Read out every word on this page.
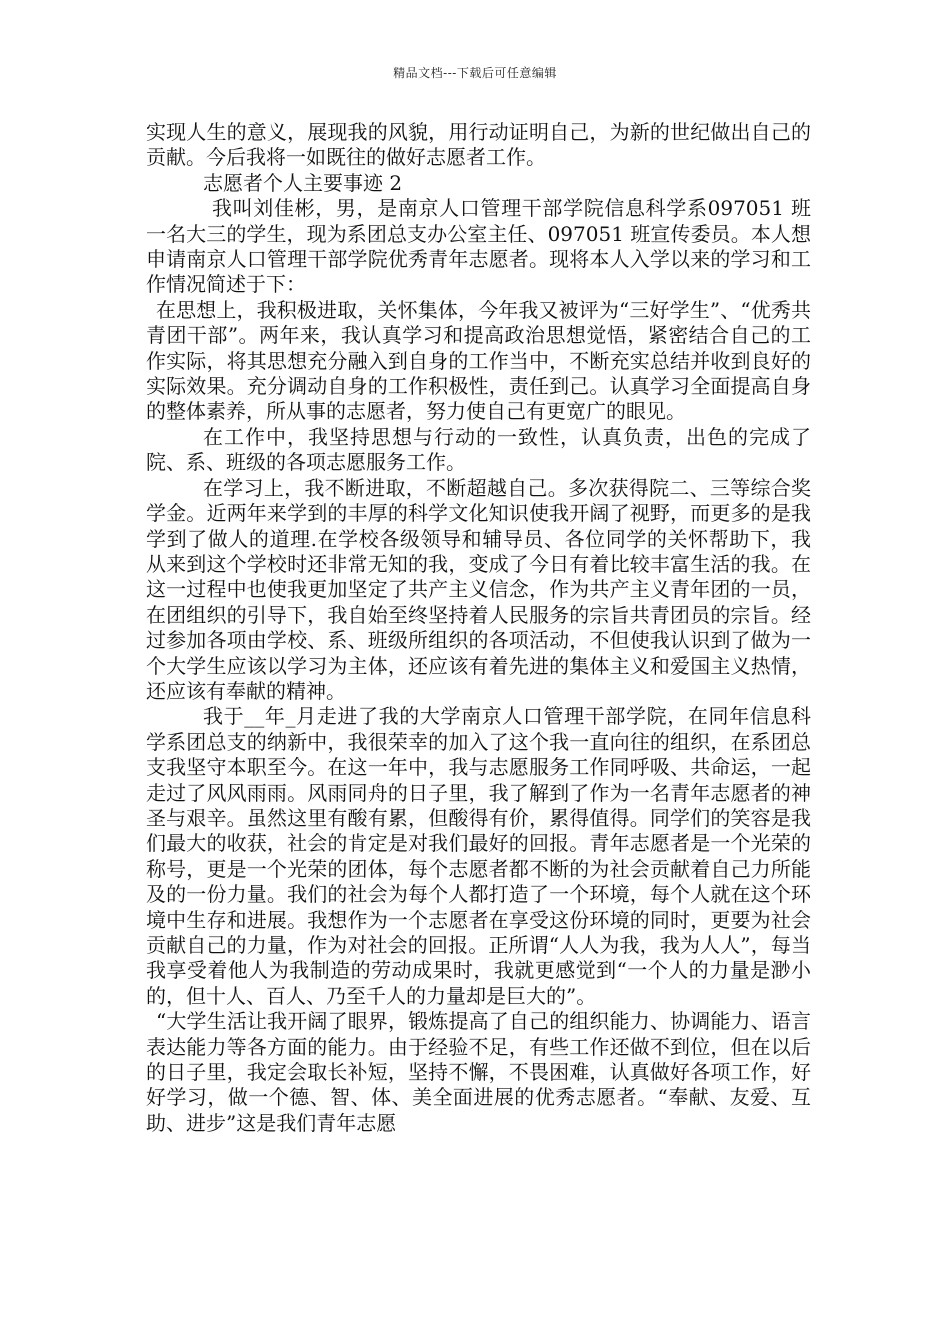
精品文档---下载后可任意编辑

实现人生的意义，展现我的风貌，用行动证明自己，为新的世纪做出自己的贡献。今后我将一如既往的做好志愿者工作。

志愿者个人主要事迹 2

我叫刘佳彬，男，是南京人口管理干部学院信息科学系097051 班一名大三的学生，现为系团总支办公室主任、097051 班宣传委员。本人想申请南京人口管理干部学院优秀青年志愿者。现将本人入学以来的学习和工作情况简述于下：

在思想上，我积极进取，关怀集体，今年我又被评为“三好学生”、“优秀共青团干部”。两年来，我认真学习和提高政治思想觉悟，紧密结合自己的工作实际，将其思想充分融入到自身的工作当中，不断充实总结并收到良好的实际效果。充分调动自身的工作积极性，责任到己。认真学习全面提高自身的整体素养，所从事的志愿者，努力使自己有更宽广的眼见。

在工作中，我坚持思想与行动的一致性，认真负责，出色的完成了院、系、班级的各项志愿服务工作。

在学习上，我不断进取，不断超越自己。多次获得院二、三等综合奖学金。近两年来学到的丰厚的科学文化知识使我开阔了视野，而更多的是我学到了做人的道理.在学校各级领导和辅导员、各位同学的关怀帮助下，我从来到这个学校时还非常无知的我，变成了今日有着比较丰富生活的我。在这一过程中也使我更加坚定了共产主义信念，作为共产主义青年团的一员，在团组织的引导下，我自始至终坚持着人民服务的宗旨共青团员的宗旨。经过参加各项由学校、系、班级所组织的各项活动，不但使我认识到了做为一个大学生应该以学习为主体，还应该有着先进的集体主义和爱国主义热情，还应该有奉献的精神。

我于__年_月走进了我的大学南京人口管理干部学院，在同年信息科学系团总支的纳新中，我很荣幸的加入了这个我一直向往的组织，在系团总支我坚守本职至今。在这一年中，我与志愿服务工作同呼吸、共命运，一起走过了风风雨雨。风雨同舟的日子里，我了解到了作为一名青年志愿者的神圣与艰辛。虽然这里有酸有累，但酸得有价，累得值得。同学们的笑容是我们最大的收获，社会的肯定是对我们最好的回报。青年志愿者是一个光荣的称号，更是一个光荣的团体，每个志愿者都不断的为社会贡献着自己力所能及的一份力量。我们的社会为每个人都打造了一个环境，每个人就在这个环境中生存和进展。我想作为一个志愿者在享受这份环境的同时，更要为社会贡献自己的力量，作为对社会的回报。正所谓“人人为我，我为人人”，每当我享受着他人为我制造的劳动成果时，我就更感觉到“一个人的力量是渺小的，但十人、百人、乃至千人的力量却是巨大的”。

“大学生活让我开阔了眼界，锻炼提高了自己的组织能力、协调能力、语言表达能力等各方面的能力。由于经验不足，有些工作还做不到位，但在以后的日子里，我定会取长补短，坚持不懈，不畏困难，认真做好各项工作，好好学习，做一个德、智、体、美全面进展的优秀志愿者。“奉献、友爱、互助、进步”这是我们青年志愿
